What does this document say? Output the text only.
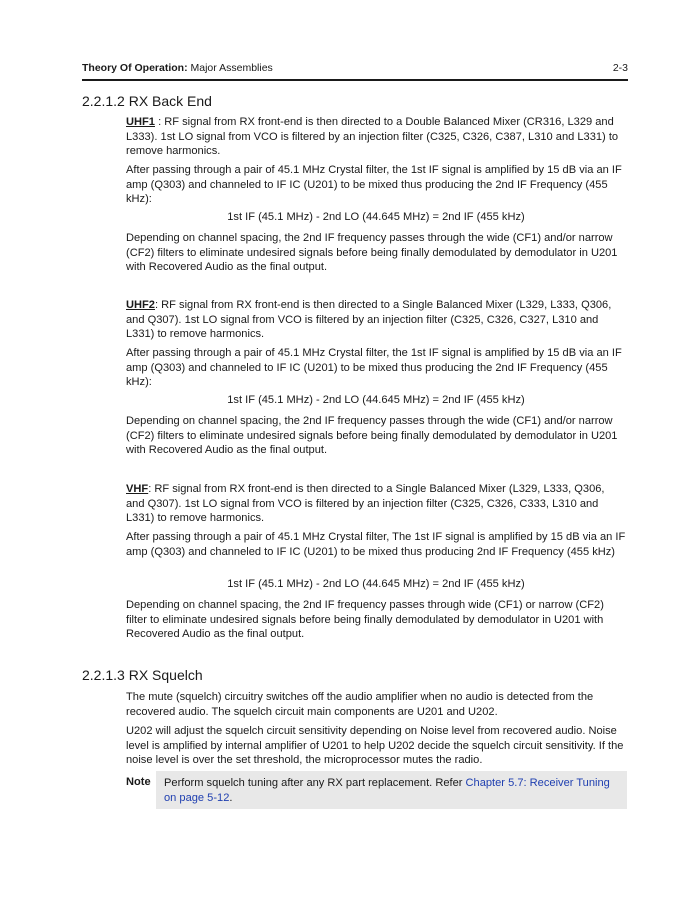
Theory Of Operation: Major Assemblies	2-3
2.2.1.2 RX Back End

UHF1 : RF signal from RX front-end is then directed to a Double Balanced Mixer (CR316, L329 and L333). 1st LO signal from VCO is filtered by an injection filter (C325, C326, C387, L310 and L331) to remove harmonics.

After passing through a pair of 45.1 MHz Crystal filter, the 1st IF signal is amplified by 15 dB via an IF amp (Q303) and channeled to IF IC (U201) to be mixed thus producing the 2nd IF Frequency (455 kHz):

1st IF (45.1 MHz) - 2nd LO (44.645 MHz) = 2nd IF (455 kHz)

Depending on channel spacing, the 2nd IF frequency passes through the wide (CF1) and/or narrow (CF2) filters to eliminate undesired signals before being finally demodulated by demodulator in U201 with Recovered Audio as the final output.

UHF2: RF signal from RX front-end is then directed to a Single Balanced Mixer (L329, L333, Q306, and Q307). 1st LO signal from VCO is filtered by an injection filter (C325, C326, C327, L310 and L331) to remove harmonics.

After passing through a pair of 45.1 MHz Crystal filter, the 1st IF signal is amplified by 15 dB via an IF amp (Q303) and channeled to IF IC (U201) to be mixed thus producing the 2nd IF Frequency (455 kHz):

1st IF (45.1 MHz) - 2nd LO (44.645 MHz) = 2nd IF (455 kHz)

Depending on channel spacing, the 2nd IF frequency passes through the wide (CF1) and/or narrow (CF2) filters to eliminate undesired signals before being finally demodulated by demodulator in U201 with Recovered Audio as the final output.

VHF: RF signal from RX front-end is then directed to a Single Balanced Mixer (L329, L333, Q306, and Q307). 1st LO signal from VCO is filtered by an injection filter (C325, C326, C333, L310 and L331) to remove harmonics.

After passing through a pair of 45.1 MHz Crystal filter, The 1st IF signal is amplified by 15 dB via an IF amp (Q303) and channeled to IF IC (U201) to be mixed thus producing 2nd IF Frequency (455 kHz)

1st IF (45.1 MHz) - 2nd LO (44.645 MHz) = 2nd IF (455 kHz)

Depending on channel spacing, the 2nd IF frequency passes through wide (CF1) or narrow (CF2) filter to eliminate undesired signals before being finally demodulated by demodulator in U201 with Recovered Audio as the final output.

2.2.1.3 RX Squelch

The mute (squelch) circuitry switches off the audio amplifier when no audio is detected from the recovered audio. The squelch circuit main components are U201 and U202.

U202 will adjust the squelch circuit sensitivity depending on Noise level from recovered audio. Noise level is amplified by internal amplifier of U201 to help U202 decide the squelch circuit sensitivity. If the noise level is over the set threshold, the microprocessor mutes the radio.

Note Perform squelch tuning after any RX part replacement. Refer Chapter 5.7: Receiver Tuning on page 5-12.
